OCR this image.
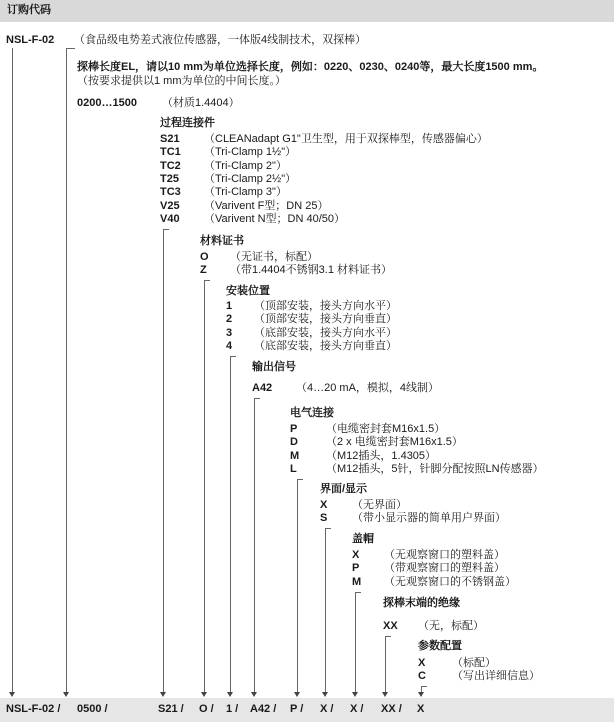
订购代码
NSL-F-02 （食品级电势差式液位传感器，一体版4线制技术，双探棒）
探棒长度EL，请以10 mm为单位选择长度，例如：0220、0230、0240等，最大长度1500 mm。
（按要求提供以1 mm为单位的中间长度。）
0200…1500 （材质1.4404）
过程连接件
S21 （CLEANadapt G1"卫生型，用于双探棒型，传感器偏心）
TC1 （Tri-Clamp 1½"）
TC2 （Tri-Clamp 2"）
T25 （Tri-Clamp 2½"）
TC3 （Tri-Clamp 3"）
V25 （Varivent F型；DN 25）
V40 （Varivent N型；DN 40/50）
材料证书
O （无证书，标配）
Z （带1.4404不锈钢3.1 材料证书）
安装位置
1 （顶部安装，接头方向水平）
2 （顶部安装，接头方向垂直）
3 （底部安装，接头方向水平）
4 （底部安装，接头方向垂直）
输出信号
A42 （4…20 mA，模拟，4线制）
电气连接
P	（电缆密封套M16x1.5）
D	（2 x 电缆密封套M16x1.5）
M （M12插头，1.4305）
L	（M12插头，5针，针脚分配按照LN传感器）
界面/显示
X （无界面）
S （带小显示器的简单用户界面）
盖帽
X （无观察窗口的塑料盖）
P （带观察窗口的塑料盖）
M （无观察窗口的不锈钢盖）
探棒末端的绝缘
XX （无，标配）
参数配置
X （标配）
C （写出详细信息）
NSL-F-02 / 0500 /	S21 / O / 1 / A42 / P / X / X / XX / X
